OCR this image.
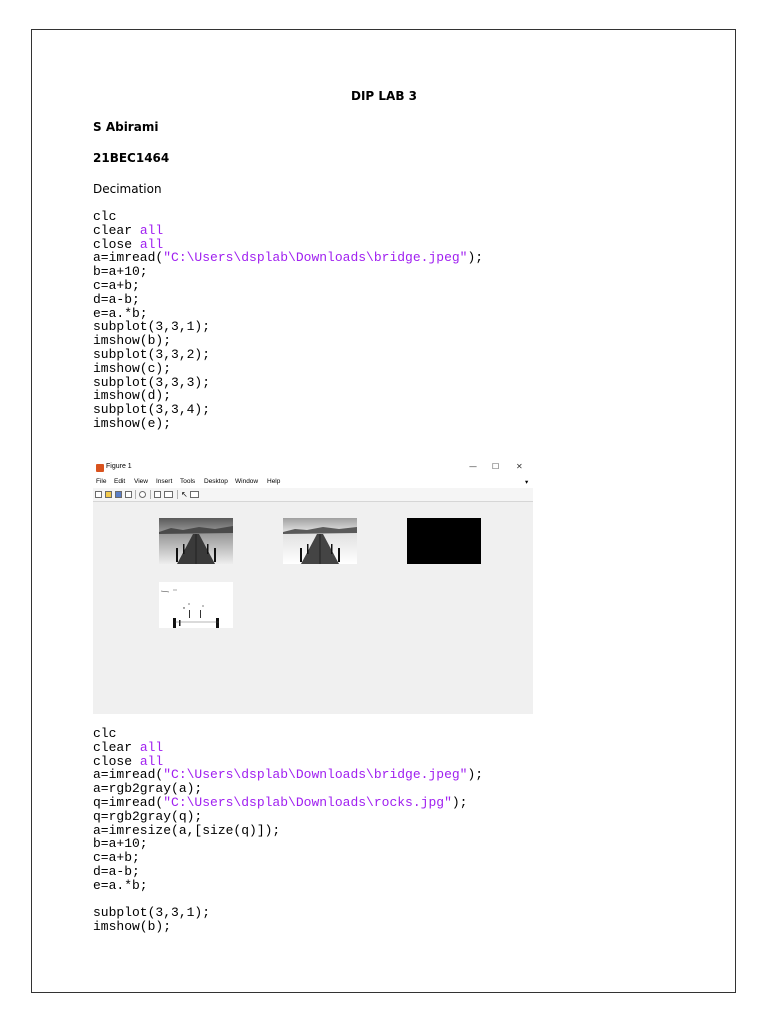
DIP LAB 3
S Abirami
21BEC1464
Decimation
clc
clear all
close all
a=imread("C:\Users\dsplab\Downloads\bridge.jpeg");
b=a+10;
c=a+b;
d=a-b;
e=a.*b;
subplot(3,3,1);
imshow(b);
subplot(3,3,2);
imshow(c);
subplot(3,3,3);
imshow(d);
subplot(3,3,4);
imshow(e);
Figure 1	— ☐ ✕
File Edit View Insert Tools Desktop Window Help	▾
↖
clc
clear all
close all
a=imread("C:\Users\dsplab\Downloads\bridge.jpeg");
a=rgb2gray(a);
q=imread("C:\Users\dsplab\Downloads\rocks.jpg");
q=rgb2gray(q);
a=imresize(a,[size(q)]);
b=a+10;
c=a+b;
d=a-b;
e=a.*b;
subplot(3,3,1);
imshow(b);
